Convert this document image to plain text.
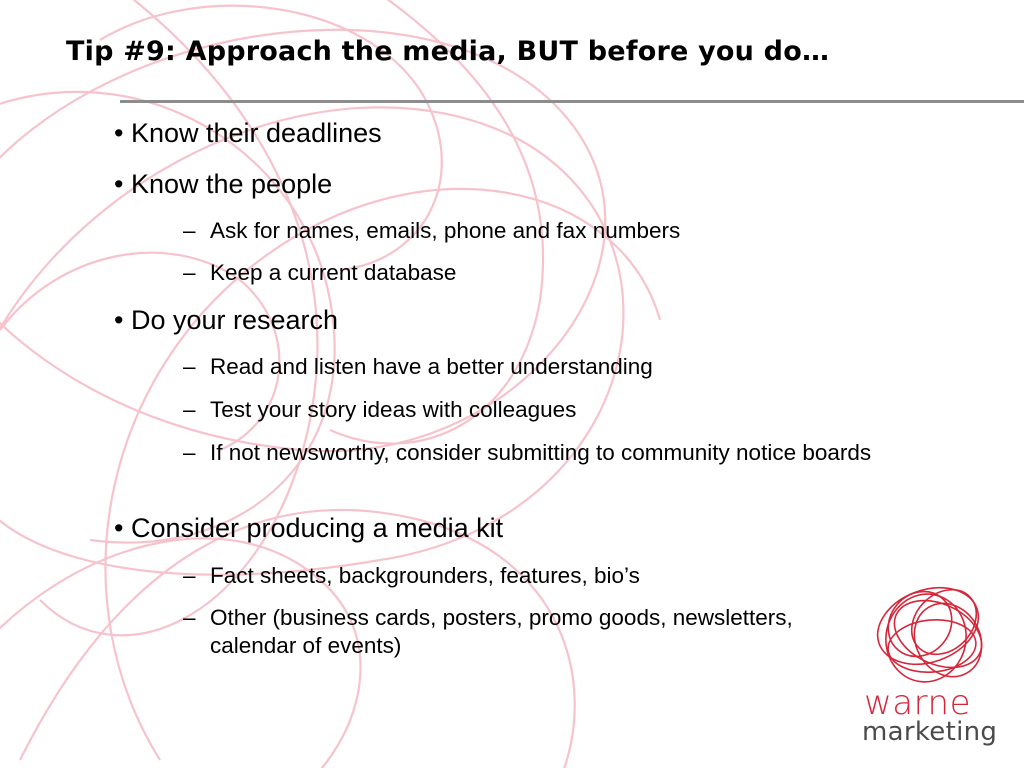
Tip #9: Approach the media, BUT before you do…
• Know their deadlines
• Know the people
– Ask for names, emails, phone and fax numbers
– Keep a current database
• Do your research
– Read and listen have a better understanding
– Test your story ideas with colleagues
– If not newsworthy, consider submitting to community notice boards
• Consider producing a media kit
– Fact sheets, backgrounders, features, bio’s
– Other (business cards, posters, promo goods, newsletters, calendar of events)
warne
marketing
